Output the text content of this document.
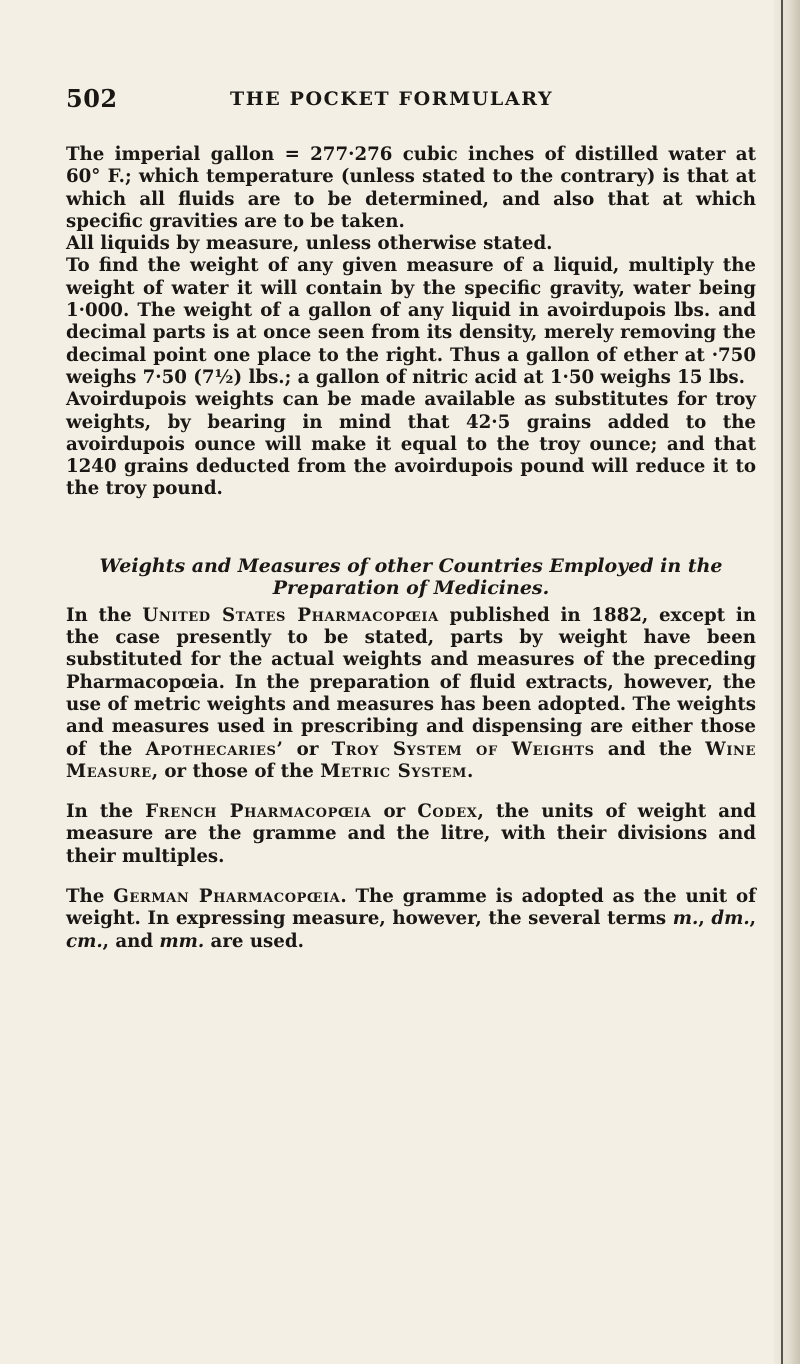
502	THE POCKET FORMULARY

The imperial gallon = 277·276 cubic inches of distilled water at 60° F.; which temperature (unless stated to the contrary) is that at which all fluids are to be determined, and also that at which specific gravities are to be taken.

All liquids by measure, unless otherwise stated.

To find the weight of any given measure of a liquid, multiply the weight of water it will contain by the specific gravity, water being 1·000. The weight of a gallon of any liquid in avoirdupois lbs. and decimal parts is at once seen from its density, merely removing the decimal point one place to the right. Thus a gallon of ether at ·750 weighs 7·50 (7½) lbs.; a gallon of nitric acid at 1·50 weighs 15 lbs.

Avoirdupois weights can be made available as substitutes for troy weights, by bearing in mind that 42·5 grains added to the avoirdupois ounce will make it equal to the troy ounce; and that 1240 grains deducted from the avoirdupois pound will reduce it to the troy pound.

Weights and Measures of other Countries Employed in the Preparation of Medicines.

In the United States Pharmacopœia published in 1882, except in the case presently to be stated, parts by weight have been substituted for the actual weights and measures of the preceding Pharmacopœia. In the preparation of fluid extracts, however, the use of metric weights and measures has been adopted. The weights and measures used in prescribing and dispensing are either those of the Apothecaries’ or Troy System of Weights and the Wine Measure, or those of the Metric System.

In the French Pharmacopœia or Codex, the units of weight and measure are the gramme and the litre, with their divisions and their multiples.

The German Pharmacopœia. The gramme is adopted as the unit of weight. In expressing measure, however, the several terms m., dm., cm., and mm. are used.
